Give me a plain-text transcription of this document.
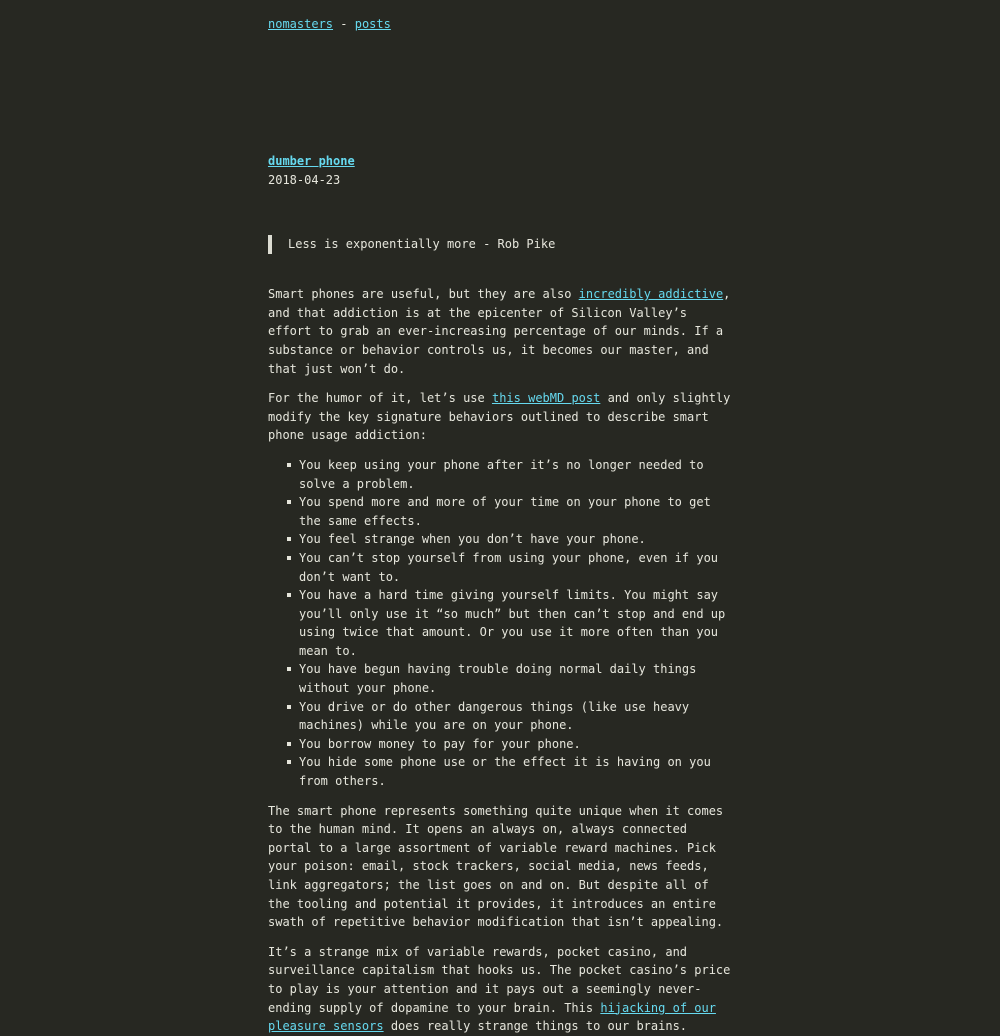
nomasters - posts
dumber phone
2018-04-23
Less is exponentially more - Rob Pike

Smart phones are useful, but they are also incredibly addictive, and that addiction is at the epicenter of Silicon Valley’s effort to grab an ever-increasing percentage of our minds. If a substance or behavior controls us, it becomes our master, and that just won’t do.

For the humor of it, let’s use this webMD post and only slightly modify the key signature behaviors outlined to describe smart phone usage addiction:

You keep using your phone after it’s no longer needed to solve a problem.
You spend more and more of your time on your phone to get the same effects.
You feel strange when you don’t have your phone.
You can’t stop yourself from using your phone, even if you don’t want to.
You have a hard time giving yourself limits. You might say you’ll only use it “so much” but then can’t stop and end up using twice that amount. Or you use it more often than you mean to.
You have begun having trouble doing normal daily things without your phone.
You drive or do other dangerous things (like use heavy machines) while you are on your phone.
You borrow money to pay for your phone.
You hide some phone use or the effect it is having on you from others.

The smart phone represents something quite unique when it comes to the human mind. It opens an always on, always connected portal to a large assortment of variable reward machines. Pick your poison: email, stock trackers, social media, news feeds, link aggregators; the list goes on and on. But despite all of the tooling and potential it provides, it introduces an entire swath of repetitive behavior modification that isn’t appealing.

It’s a strange mix of variable rewards, pocket casino, and surveillance capitalism that hooks us. The pocket casino’s price to play is your attention and it pays out a seemingly never-ending supply of dopamine to your brain. This hijacking of our pleasure sensors does really strange things to our brains.
